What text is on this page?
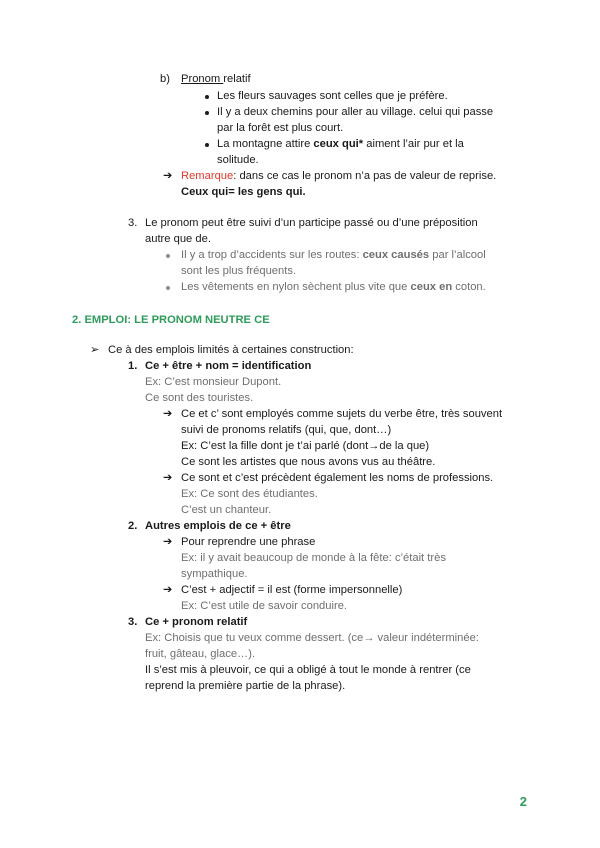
b) Pronom relatif
Les fleurs sauvages sont celles que je préfère.
Il y a deux chemins pour aller au village. celui qui passe
par la forêt est plus court.
La montagne attire ceux qui* aiment l’air pur et la
solitude.
➔ Remarque: dans ce cas le pronom n’a pas de valeur de reprise.
Ceux qui= les gens qui.
3. Le pronom peut être suivi d’un participe passé ou d’une préposition
autre que de.
Il y a trop d’accidents sur les routes: ceux causés par l’alcool
sont les plus fréquents.
Les vêtements en nylon sèchent plus vite que ceux en coton.
2. EMPLOI: LE PRONOM NEUTRE CE
➢ Ce à des emplois limités à certaines construction:
1. Ce + être + nom = identification
Ex: C’est monsieur Dupont.
Ce sont des touristes.
➔ Ce et c’ sont employés comme sujets du verbe être, très souvent
suivi de pronoms relatifs (qui, que, dont…)
Ex: C’est la fille dont je t’ai parlé (dont→de la que)
Ce sont les artistes que nous avons vus au théâtre.
➔ Ce sont et c’est précèdent également les noms de professions.
Ex: Ce sont des étudiantes.
C’est un chanteur.
2. Autres emplois de ce + être
➔ Pour reprendre une phrase
Ex: il y avait beaucoup de monde à la fête: c’était très
sympathique.
➔ C’est + adjectif = il est (forme impersonnelle)
Ex: C’est utile de savoir conduire.
3. Ce + pronom relatif
Ex: Choisis que tu veux comme dessert. (ce→ valeur indéterminée:
fruit, gâteau, glace…).
Il s’est mis à pleuvoir, ce qui a obligé à tout le monde à rentrer (ce
reprend la première partie de la phrase).
2
